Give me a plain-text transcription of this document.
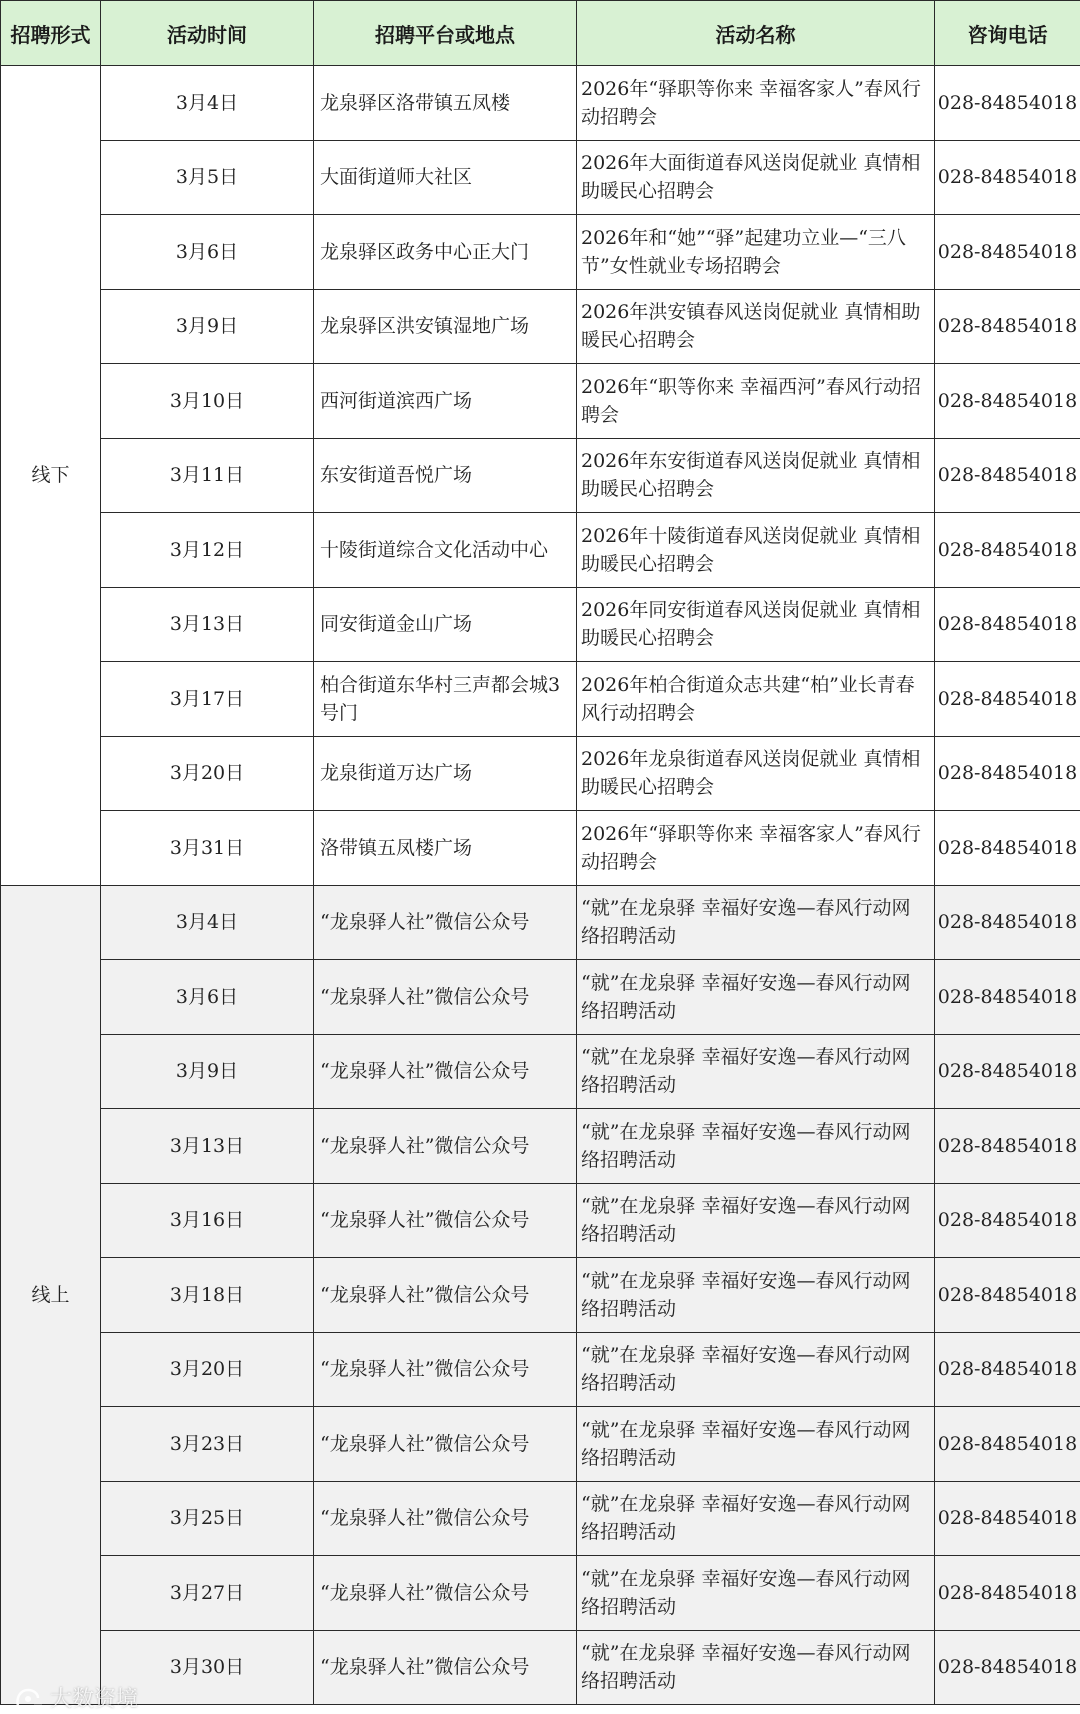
招聘形式	活动时间	招聘平台或地点	活动名称	咨询电话
线下	3月4日	龙泉驿区洛带镇五凤楼	2026年“驿职等你来 幸福客家人”春风行动招聘会	028-84854018
	3月5日	大面街道师大社区	2026年大面街道春风送岗促就业 真情相助暖民心招聘会	028-84854018
	3月6日	龙泉驿区政务中心正大门	2026年和“她”“驿”起建功立业—“三八节”女性就业专场招聘会	028-84854018
	3月9日	龙泉驿区洪安镇湿地广场	2026年洪安镇春风送岗促就业 真情相助暖民心招聘会	028-84854018
	3月10日	西河街道滨西广场	2026年“职等你来 幸福西河”春风行动招聘会	028-84854018
	3月11日	东安街道吾悦广场	2026年东安街道春风送岗促就业 真情相助暖民心招聘会	028-84854018
	3月12日	十陵街道综合文化活动中心	2026年十陵街道春风送岗促就业 真情相助暖民心招聘会	028-84854018
	3月13日	同安街道金山广场	2026年同安街道春风送岗促就业 真情相助暖民心招聘会	028-84854018
	3月17日	柏合街道东华村三声都会城3号门	2026年柏合街道众志共建“柏”业长青春风行动招聘会	028-84854018
	3月20日	龙泉街道万达广场	2026年龙泉街道春风送岗促就业 真情相助暖民心招聘会	028-84854018
	3月31日	洛带镇五凤楼广场	2026年“驿职等你来 幸福客家人”春风行动招聘会	028-84854018
线上	3月4日	“龙泉驿人社”微信公众号	“就”在龙泉驿 幸福好安逸—春风行动网络招聘活动	028-84854018
	3月6日	“龙泉驿人社”微信公众号	“就”在龙泉驿 幸福好安逸—春风行动网络招聘活动	028-84854018
	3月9日	“龙泉驿人社”微信公众号	“就”在龙泉驿 幸福好安逸—春风行动网络招聘活动	028-84854018
	3月13日	“龙泉驿人社”微信公众号	“就”在龙泉驿 幸福好安逸—春风行动网络招聘活动	028-84854018
	3月16日	“龙泉驿人社”微信公众号	“就”在龙泉驿 幸福好安逸—春风行动网络招聘活动	028-84854018
	3月18日	“龙泉驿人社”微信公众号	“就”在龙泉驿 幸福好安逸—春风行动网络招聘活动	028-84854018
	3月20日	“龙泉驿人社”微信公众号	“就”在龙泉驿 幸福好安逸—春风行动网络招聘活动	028-84854018
	3月23日	“龙泉驿人社”微信公众号	“就”在龙泉驿 幸福好安逸—春风行动网络招聘活动	028-84854018
	3月25日	“龙泉驿人社”微信公众号	“就”在龙泉驿 幸福好安逸—春风行动网络招聘活动	028-84854018
	3月27日	“龙泉驿人社”微信公众号	“就”在龙泉驿 幸福好安逸—春风行动网络招聘活动	028-84854018
	3月30日	“龙泉驿人社”微信公众号	“就”在龙泉驿 幸福好安逸—春风行动网络招聘活动	028-84854018
大数资境
